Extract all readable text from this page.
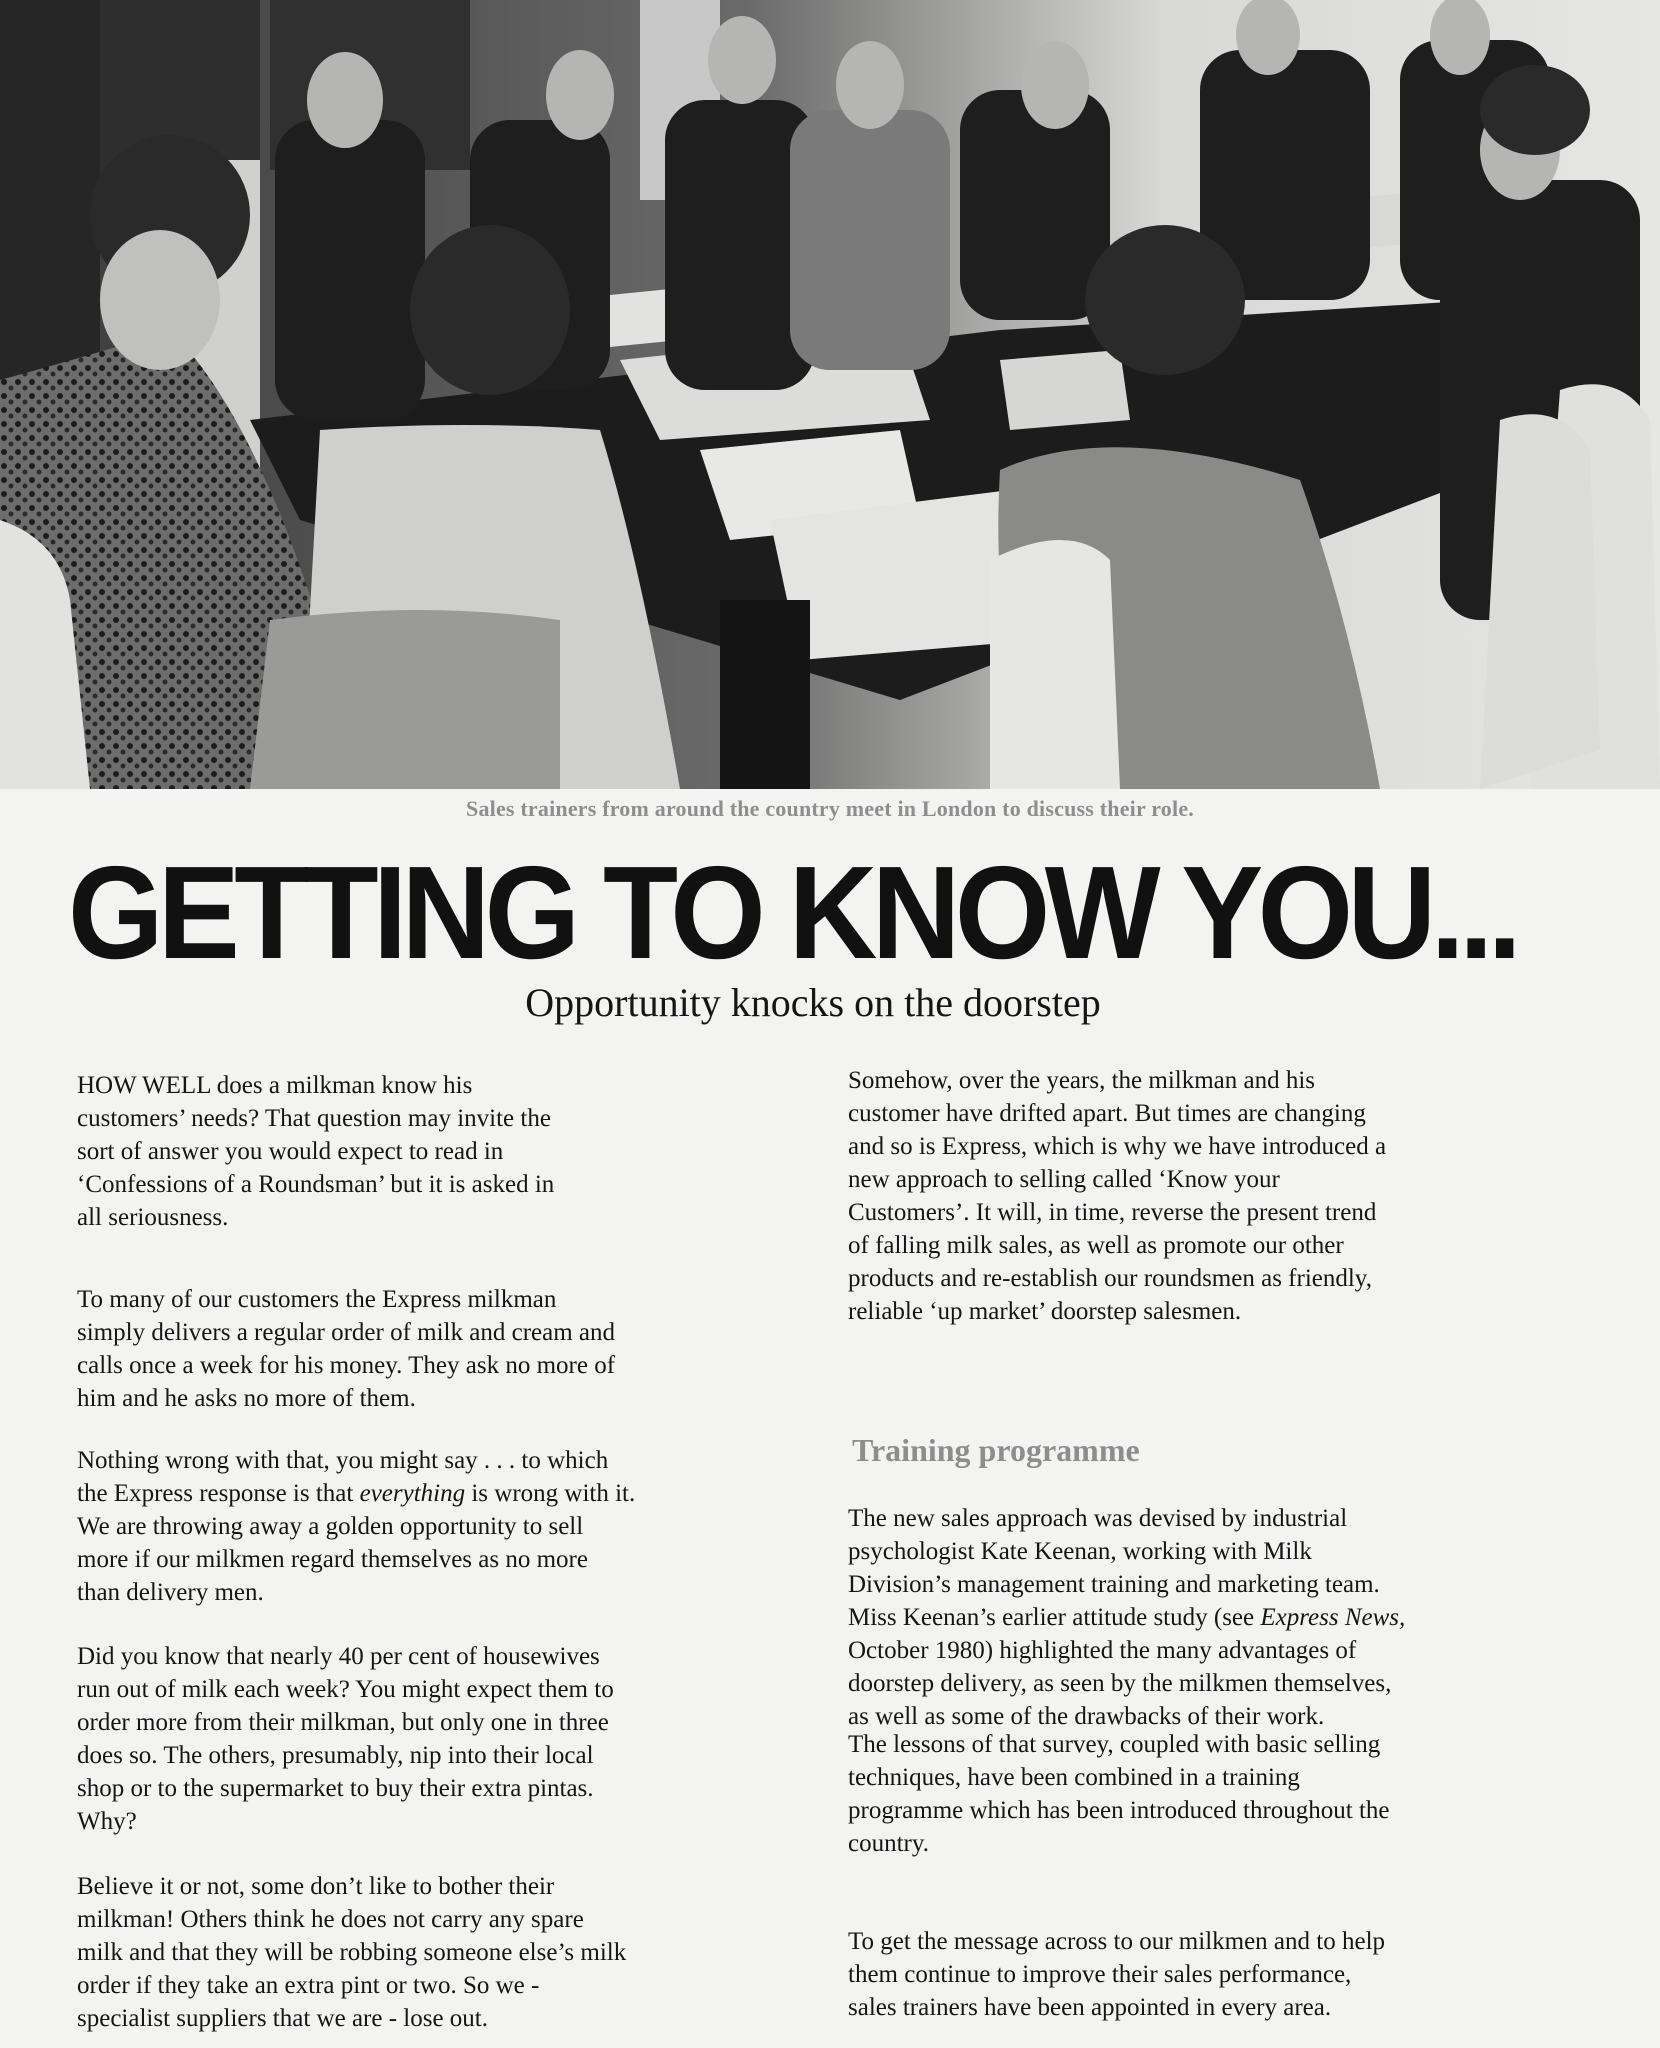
Sales trainers from around the country meet in London to discuss their role.
GETTING TO KNOW YOU...
Opportunity knocks on the doorstep
HOW WELL does a milkman know his
customers’ needs? That question may invite the
sort of answer you would expect to read in
‘Confessions of a Roundsman’ but it is asked in
all seriousness.
To many of our customers the Express milkman
simply delivers a regular order of milk and cream and
calls once a week for his money. They ask no more of
him and he asks no more of them.
Nothing wrong with that, you might say . . . to which
the Express response is that everything is wrong with it.
We are throwing away a golden opportunity to sell
more if our milkmen regard themselves as no more
than delivery men.
Did you know that nearly 40 per cent of housewives
run out of milk each week? You might expect them to
order more from their milkman, but only one in three
does so. The others, presumably, nip into their local
shop or to the supermarket to buy their extra pintas.
Why?
Believe it or not, some don’t like to bother their
milkman! Others think he does not carry any spare
milk and that they will be robbing someone else’s milk
order if they take an extra pint or two. So we -
specialist suppliers that we are - lose out.
Somehow, over the years, the milkman and his
customer have drifted apart. But times are changing
and so is Express, which is why we have introduced a
new approach to selling called ‘Know your
Customers’. It will, in time, reverse the present trend
of falling milk sales, as well as promote our other
products and re-establish our roundsmen as friendly,
reliable ‘up market’ doorstep salesmen.
Training programme
The new sales approach was devised by industrial
psychologist Kate Keenan, working with Milk
Division’s management training and marketing team.
Miss Keenan’s earlier attitude study (see Express News,
October 1980) highlighted the many advantages of
doorstep delivery, as seen by the milkmen themselves,
as well as some of the drawbacks of their work.
The lessons of that survey, coupled with basic selling
techniques, have been combined in a training
programme which has been introduced throughout the
country.
To get the message across to our milkmen and to help
them continue to improve their sales performance,
sales trainers have been appointed in every area.
